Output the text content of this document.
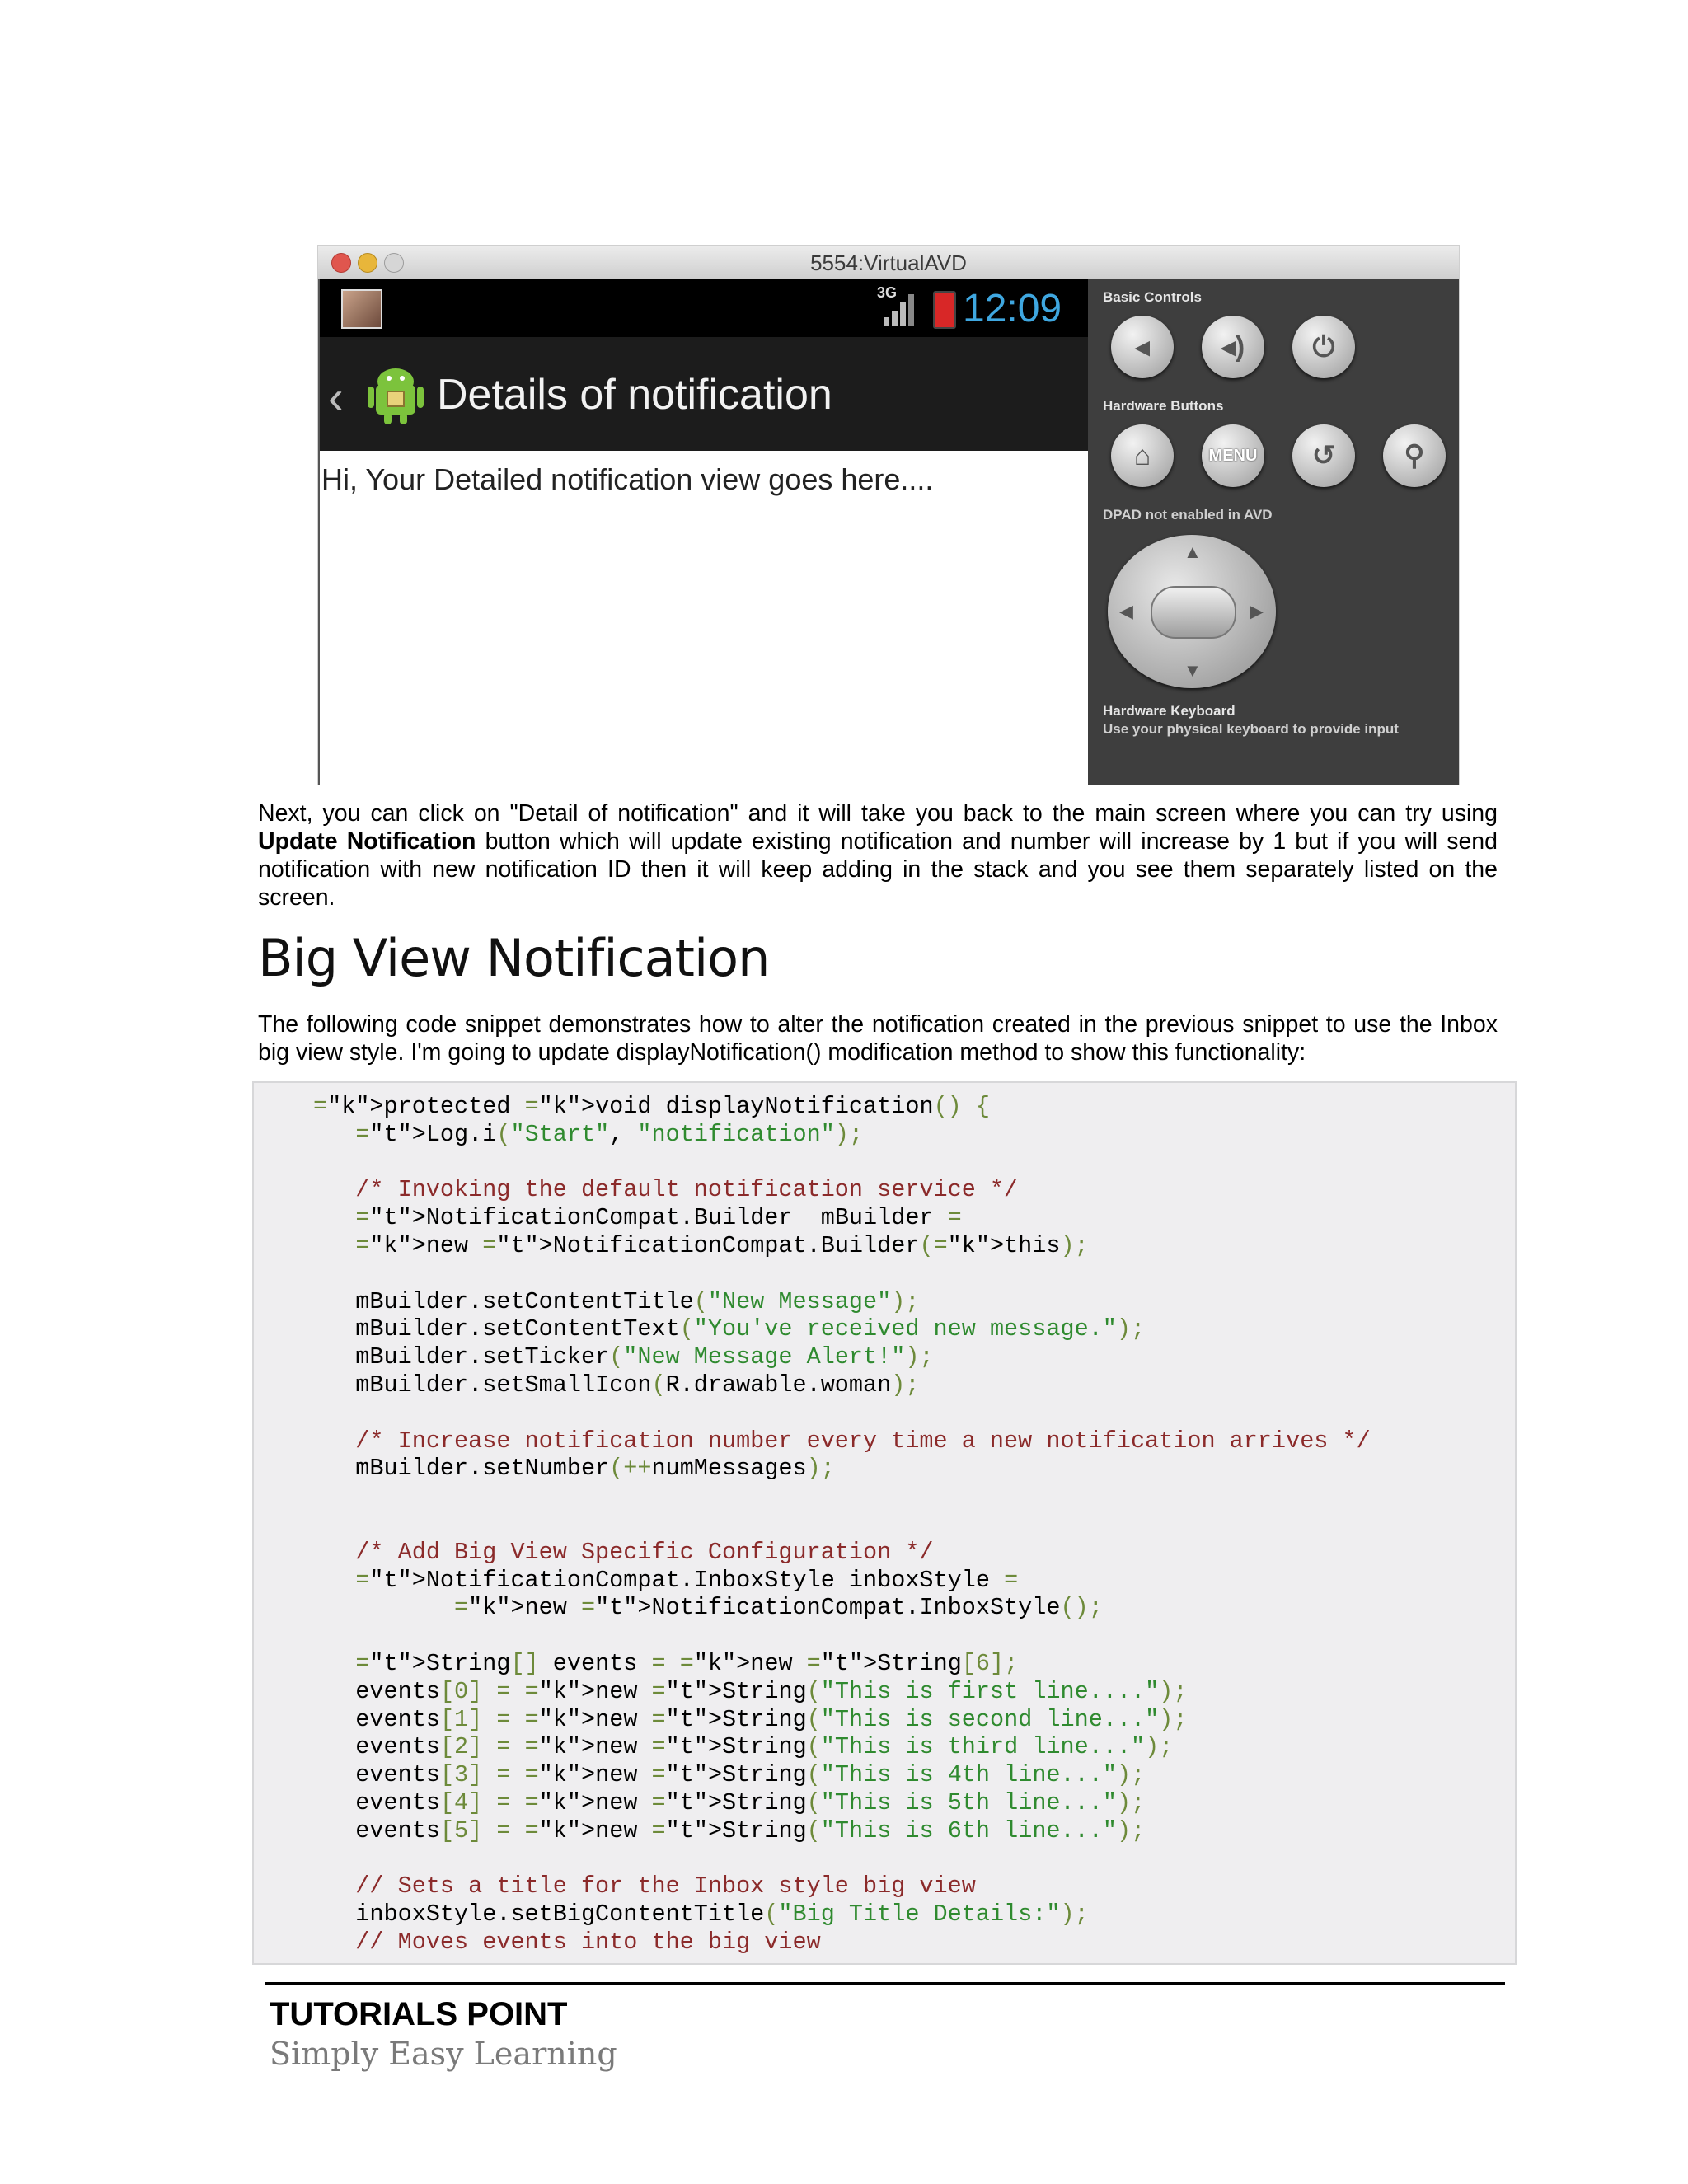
5554:VirtualAVD
3G 12:09
‹ Details of notification
Hi, Your Detailed notification view goes here....
Basic Controls
◂	◂)	⏻
Hardware Buttons
⌂	MENU	↺	⚲
DPAD not enabled in AVD
▲
▼
◀	▶
Hardware Keyboard
Use your physical keyboard to provide input
Next, you can click on "Detail of notification" and it will take you back to the main screen where you can try using Update Notification button which will update existing notification and number will increase by 1 but if you will send notification with new notification ID then it will keep adding in the stack and you see them separately listed on the screen.
Big View Notification
The following code snippet demonstrates how to alter the notification created in the previous snippet to use the Inbox big view style. I'm going to update displayNotification() modification method to show this functionality:
="k">protected ="k">void displayNotification() {
="t">Log.i("Start", "notification");

/* Invoking the default notification service */
="t">NotificationCompat.Builder  mBuilder =
="k">new ="t">NotificationCompat.Builder(="k">this);

mBuilder.setContentTitle("New Message");
mBuilder.setContentText("You've received new message.");
mBuilder.setTicker("New Message Alert!");
mBuilder.setSmallIcon(R.drawable.woman);

/* Increase notification number every time a new notification arrives */
mBuilder.setNumber(++numMessages);

/* Add Big View Specific Configuration */
="t">NotificationCompat.InboxStyle inboxStyle =
="k">new ="t">NotificationCompat.InboxStyle();

="t">String[] events = ="k">new ="t">String[6];
events[0] = ="k">new ="t">String("This is first line....");
events[1] = ="k">new ="t">String("This is second line...");
events[2] = ="k">new ="t">String("This is third line...");
events[3] = ="k">new ="t">String("This is 4th line...");
events[4] = ="k">new ="t">String("This is 5th line...");
events[5] = ="k">new ="t">String("This is 6th line...");

// Sets a title for the Inbox style big view
inboxStyle.setBigContentTitle("Big Title Details:");
// Moves events into the big view
TUTORIALS POINT
Simply Easy Learning
